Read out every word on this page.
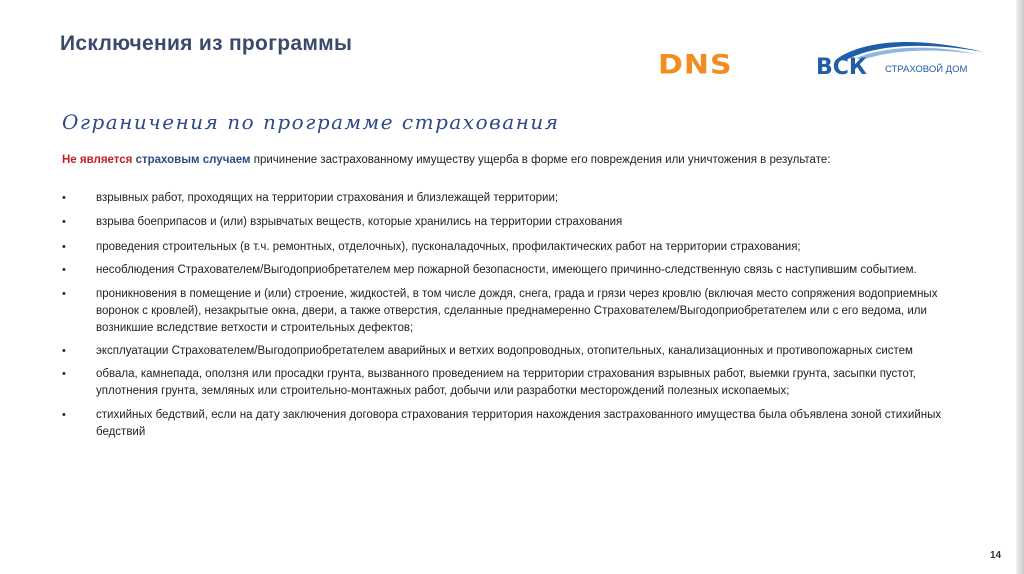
Исключения из программы
DNS	ВСК СТРАХОВОЙ ДОМ
Ограничения по программе страхования
Не является страховым случаем причинение застрахованному имуществу ущерба в форме его повреждения или уничтожения в результате:
•	взрывных работ, проходящих на территории страхования и близлежащей территории;
•	взрыва боеприпасов и (или) взрывчатых веществ, которые хранились на территории страхования
•	проведения строительных (в т.ч. ремонтных, отделочных), пусконаладочных, профилактических работ на территории страхования;
•	несоблюдения Страхователем/Выгодоприобретателем мер пожарной безопасности, имеющего причинно-следственную связь с наступившим событием.
•	проникновения в помещение и (или) строение, жидкостей, в том числе дождя, снега, града и грязи через кровлю (включая место сопряжения водоприемных воронок с кровлей), незакрытые окна, двери, а также отверстия, сделанные преднамеренно Страхователем/Выгодоприобретателем или с его ведома, или возникшие вследствие ветхости и строительных дефектов;
•	эксплуатации Страхователем/Выгодоприобретателем аварийных и ветхих водопроводных, отопительных, канализационных и противопожарных систем
•	обвала, камнепада, оползня или просадки грунта, вызванного проведением на территории страхования взрывных работ, выемки грунта, засыпки пустот, уплотнения грунта, земляных или строительно-монтажных работ, добычи или разработки месторождений полезных ископаемых;
•	стихийных бедствий, если на дату заключения договора страхования территория нахождения застрахованного имущества была объявлена зоной стихийных бедствий
14
